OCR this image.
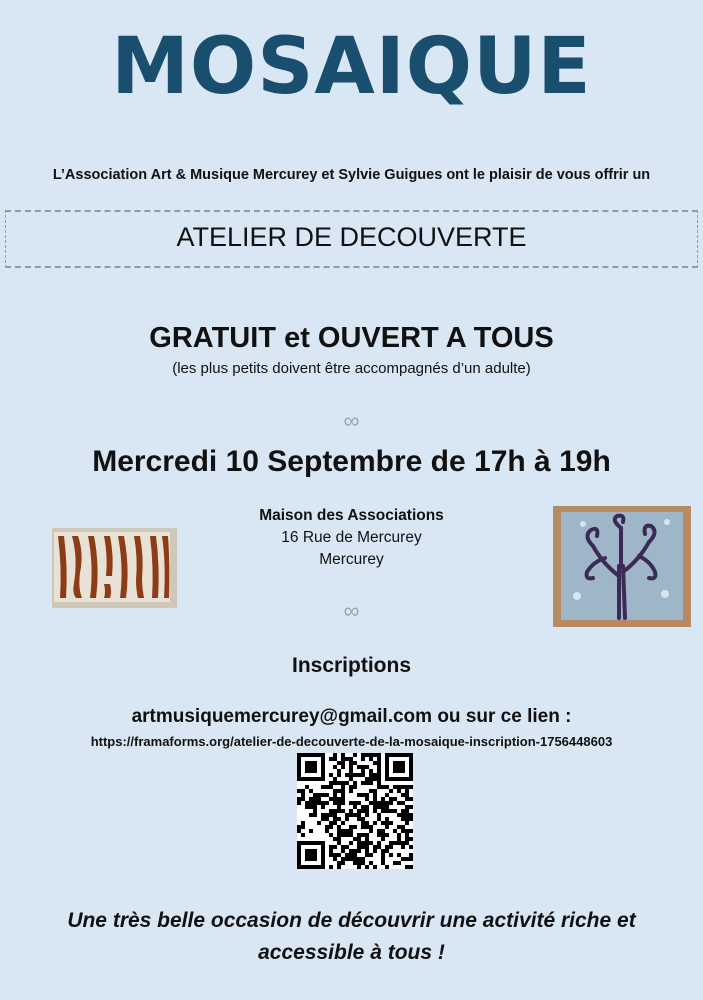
MOSAIQUE
L’Association Art & Musique Mercurey et Sylvie Guigues ont le plaisir de vous offrir un
ATELIER DE DECOUVERTE
GRATUIT et OUVERT A TOUS
(les plus petits doivent être accompagnés d’un adulte)
∞
Mercredi 10 Septembre de 17h à 19h
Maison des Associations
16 Rue de Mercurey
Mercurey
∞
Inscriptions
artmusiquemercurey@gmail.com ou sur ce lien :
https://framaforms.org/atelier-de-decouverte-de-la-mosaique-inscription-1756448603
Une très belle occasion de découvrir une activité riche et
accessible à tous !
